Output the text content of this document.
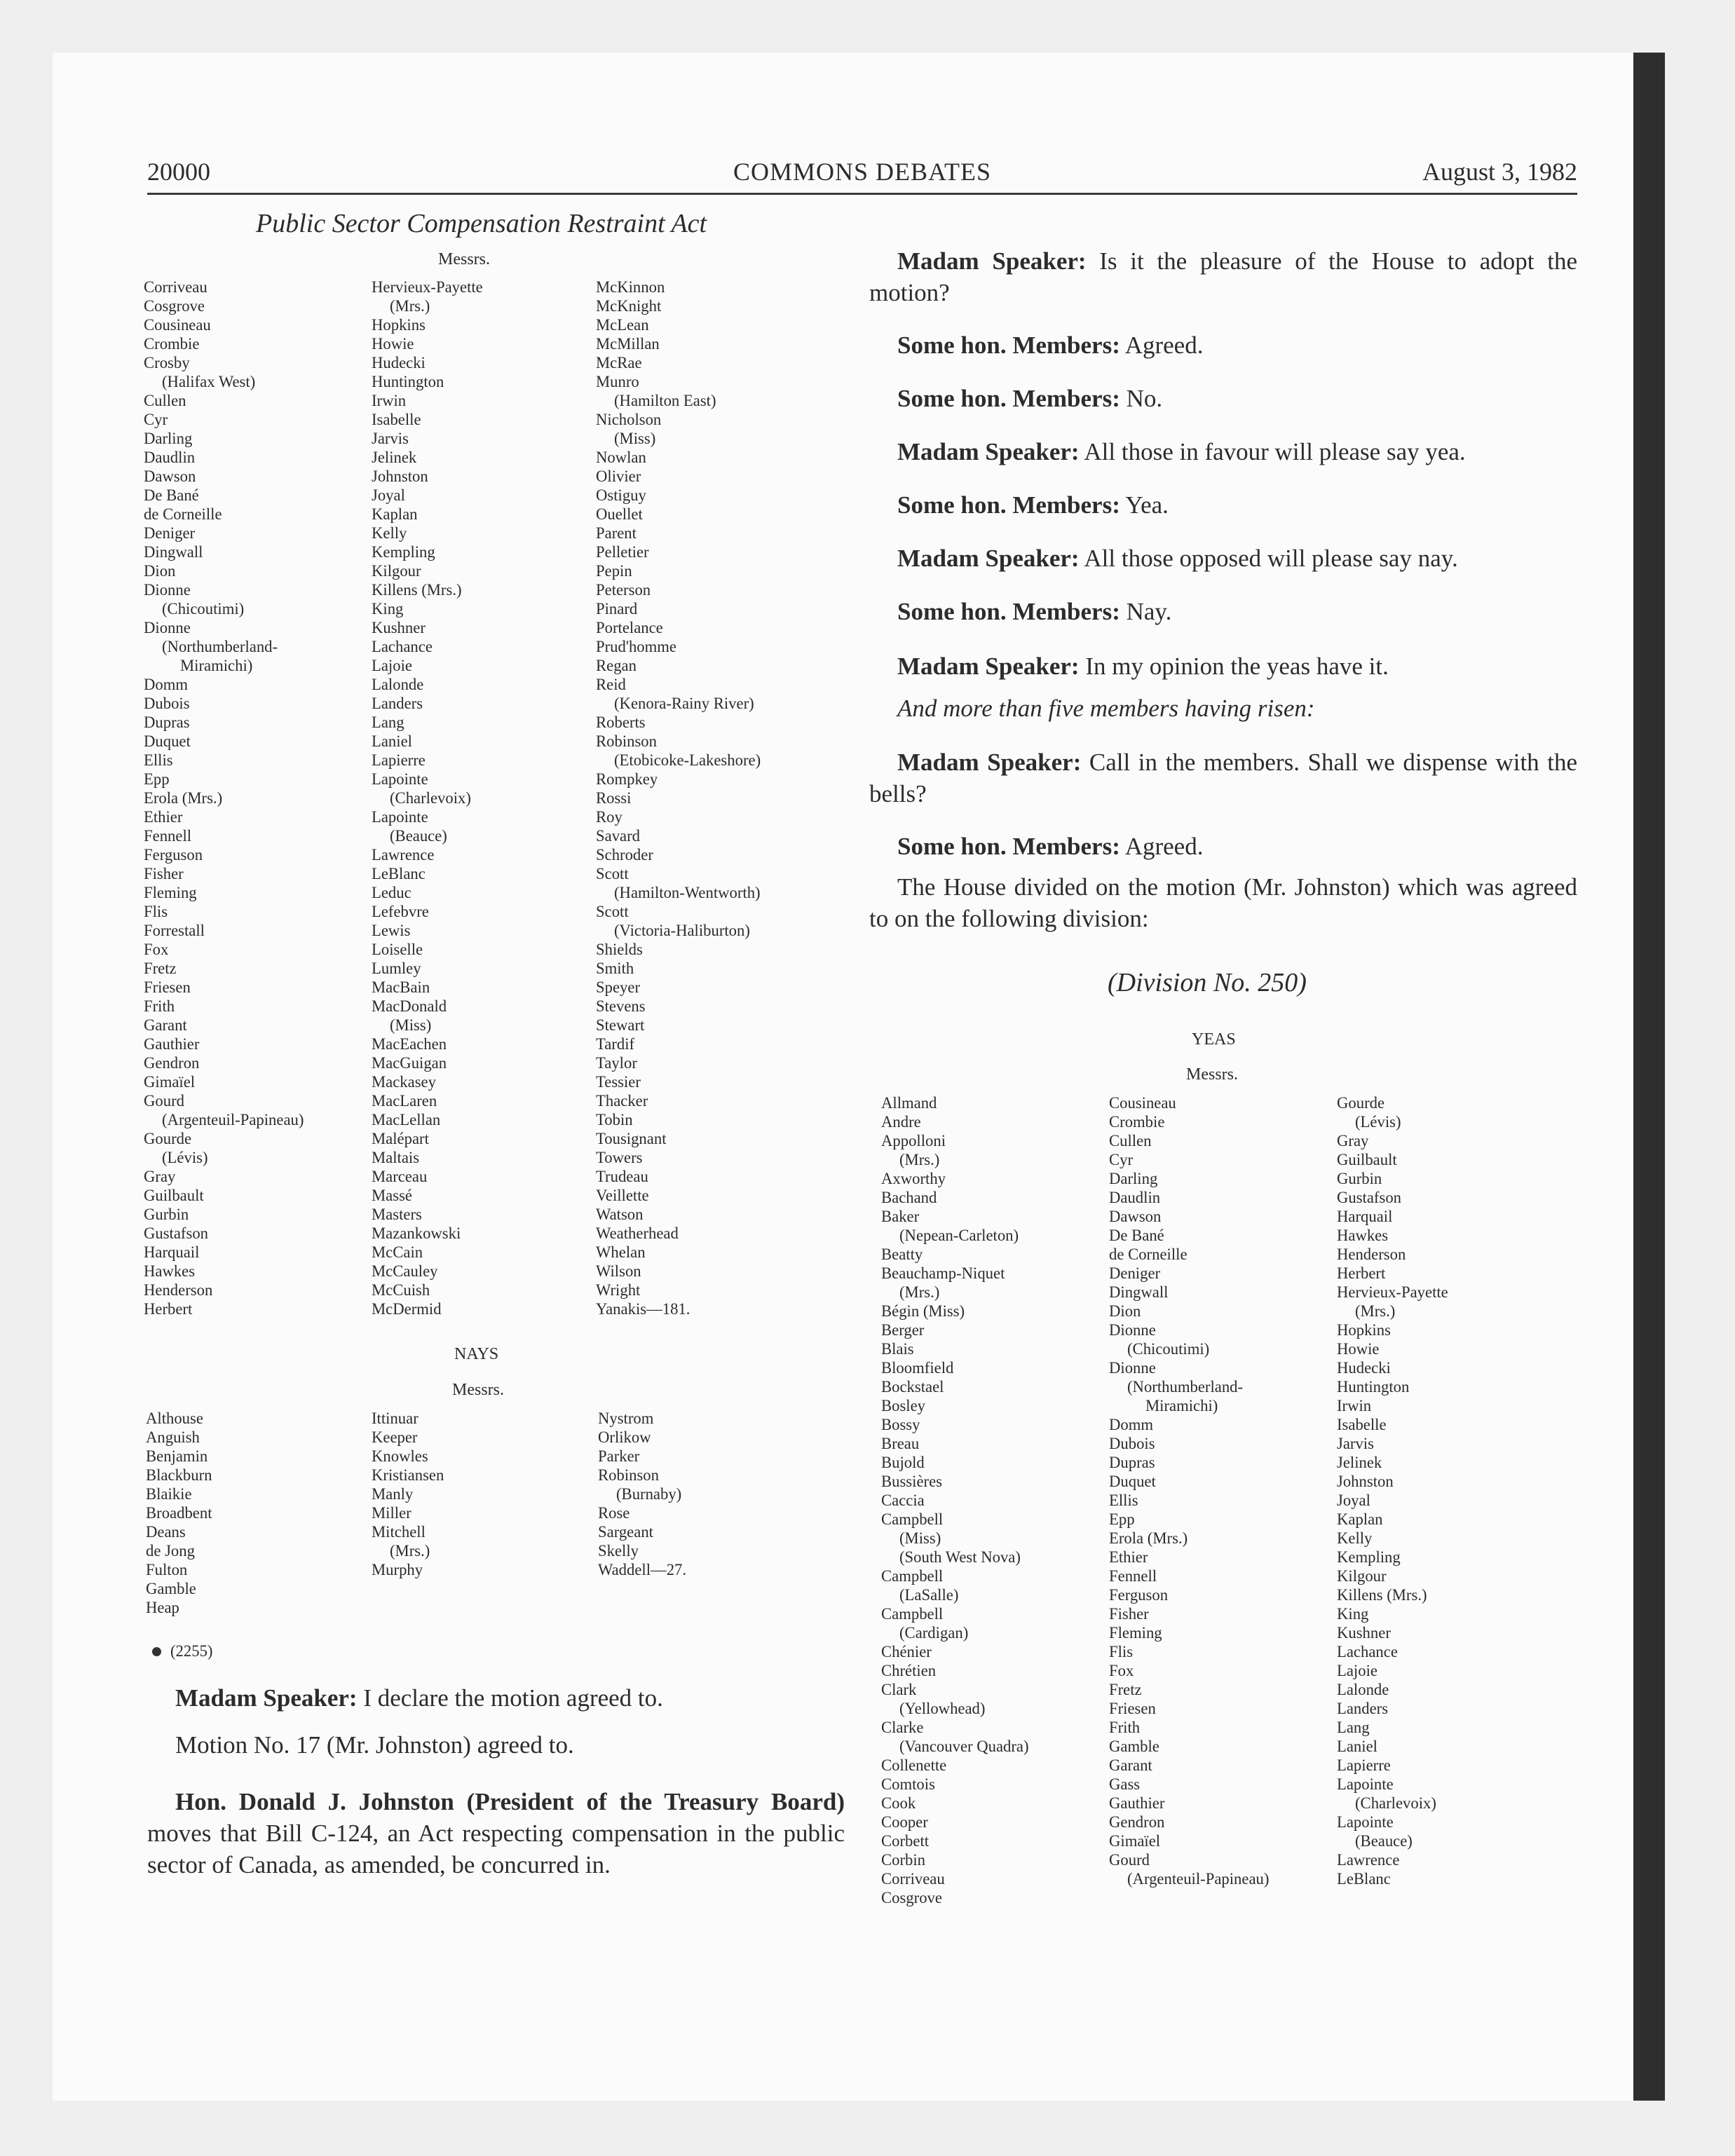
20000	COMMONS DEBATES	August 3, 1982
Public Sector Compensation Restraint Act
Messrs.
Corriveau
Cosgrove
Cousineau
Crombie
Crosby
(Halifax West)
Cullen
Cyr
Darling
Daudlin
Dawson
De Bané
de Corneille
Deniger
Dingwall
Dion
Dionne
(Chicoutimi)
Dionne
(Northumberland-
Miramichi)
Domm
Dubois
Dupras
Duquet
Ellis
Epp
Erola (Mrs.)
Ethier
Fennell
Ferguson
Fisher
Fleming
Flis
Forrestall
Fox
Fretz
Friesen
Frith
Garant
Gauthier
Gendron
Gimaïel
Gourd
(Argenteuil-Papineau)
Gourde
(Lévis)
Gray
Guilbault
Gurbin
Gustafson
Harquail
Hawkes
Henderson
Herbert
Hervieux-Payette
(Mrs.)
Hopkins
Howie
Hudecki
Huntington
Irwin
Isabelle
Jarvis
Jelinek
Johnston
Joyal
Kaplan
Kelly
Kempling
Kilgour
Killens (Mrs.)
King
Kushner
Lachance
Lajoie
Lalonde
Landers
Lang
Laniel
Lapierre
Lapointe
(Charlevoix)
Lapointe
(Beauce)
Lawrence
LeBlanc
Leduc
Lefebvre
Lewis
Loiselle
Lumley
MacBain
MacDonald
(Miss)
MacEachen
MacGuigan
Mackasey
MacLaren
MacLellan
Malépart
Maltais
Marceau
Massé
Masters
Mazankowski
McCain
McCauley
McCuish
McDermid
McKinnon
McKnight
McLean
McMillan
McRae
Munro
(Hamilton East)
Nicholson
(Miss)
Nowlan
Olivier
Ostiguy
Ouellet
Parent
Pelletier
Pepin
Peterson
Pinard
Portelance
Prud'homme
Regan
Reid
(Kenora-Rainy River)
Roberts
Robinson
(Etobicoke-Lakeshore)
Rompkey
Rossi
Roy
Savard
Schroder
Scott
(Hamilton-Wentworth)
Scott
(Victoria-Haliburton)
Shields
Smith
Speyer
Stevens
Stewart
Tardif
Taylor
Tessier
Thacker
Tobin
Tousignant
Towers
Trudeau
Veillette
Watson
Weatherhead
Whelan
Wilson
Wright
Yanakis—181.
NAYS
Messrs.
Althouse
Anguish
Benjamin
Blackburn
Blaikie
Broadbent
Deans
de Jong
Fulton
Gamble
Heap
Ittinuar
Keeper
Knowles
Kristiansen
Manly
Miller
Mitchell
(Mrs.)
Murphy
Nystrom
Orlikow
Parker
Robinson
(Burnaby)
Rose
Sargeant
Skelly
Waddell—27.
(2255)
Madam Speaker: I declare the motion agreed to.
Motion No. 17 (Mr. Johnston) agreed to.
Hon. Donald J. Johnston (President of the Treasury Board) moves that Bill C-124, an Act respecting compensation in the public sector of Canada, as amended, be concurred in.
Madam Speaker: Is it the pleasure of the House to adopt the motion?
Some hon. Members: Agreed.
Some hon. Members: No.
Madam Speaker: All those in favour will please say yea.
Some hon. Members: Yea.
Madam Speaker: All those opposed will please say nay.
Some hon. Members: Nay.
Madam Speaker: In my opinion the yeas have it.
And more than five members having risen:
Madam Speaker: Call in the members. Shall we dispense with the bells?
Some hon. Members: Agreed.
The House divided on the motion (Mr. Johnston) which was agreed to on the following division:
(Division No. 250)
YEAS
Messrs.
Allmand
Andre
Appolloni
(Mrs.)
Axworthy
Bachand
Baker
(Nepean-Carleton)
Beatty
Beauchamp-Niquet
(Mrs.)
Bégin (Miss)
Berger
Blais
Bloomfield
Bockstael
Bosley
Bossy
Breau
Bujold
Bussières
Caccia
Campbell
(Miss)
(South West Nova)
Campbell
(LaSalle)
Campbell
(Cardigan)
Chénier
Chrétien
Clark
(Yellowhead)
Clarke
(Vancouver Quadra)
Collenette
Comtois
Cook
Cooper
Corbett
Corbin
Corriveau
Cosgrove
Cousineau
Crombie
Cullen
Cyr
Darling
Daudlin
Dawson
De Bané
de Corneille
Deniger
Dingwall
Dion
Dionne
(Chicoutimi)
Dionne
(Northumberland-
Miramichi)
Domm
Dubois
Dupras
Duquet
Ellis
Epp
Erola (Mrs.)
Ethier
Fennell
Ferguson
Fisher
Fleming
Flis
Fox
Fretz
Friesen
Frith
Gamble
Garant
Gass
Gauthier
Gendron
Gimaïel
Gourd
(Argenteuil-Papineau)
Gourde
(Lévis)
Gray
Guilbault
Gurbin
Gustafson
Harquail
Hawkes
Henderson
Herbert
Hervieux-Payette
(Mrs.)
Hopkins
Howie
Hudecki
Huntington
Irwin
Isabelle
Jarvis
Jelinek
Johnston
Joyal
Kaplan
Kelly
Kempling
Kilgour
Killens (Mrs.)
King
Kushner
Lachance
Lajoie
Lalonde
Landers
Lang
Laniel
Lapierre
Lapointe
(Charlevoix)
Lapointe
(Beauce)
Lawrence
LeBlanc
